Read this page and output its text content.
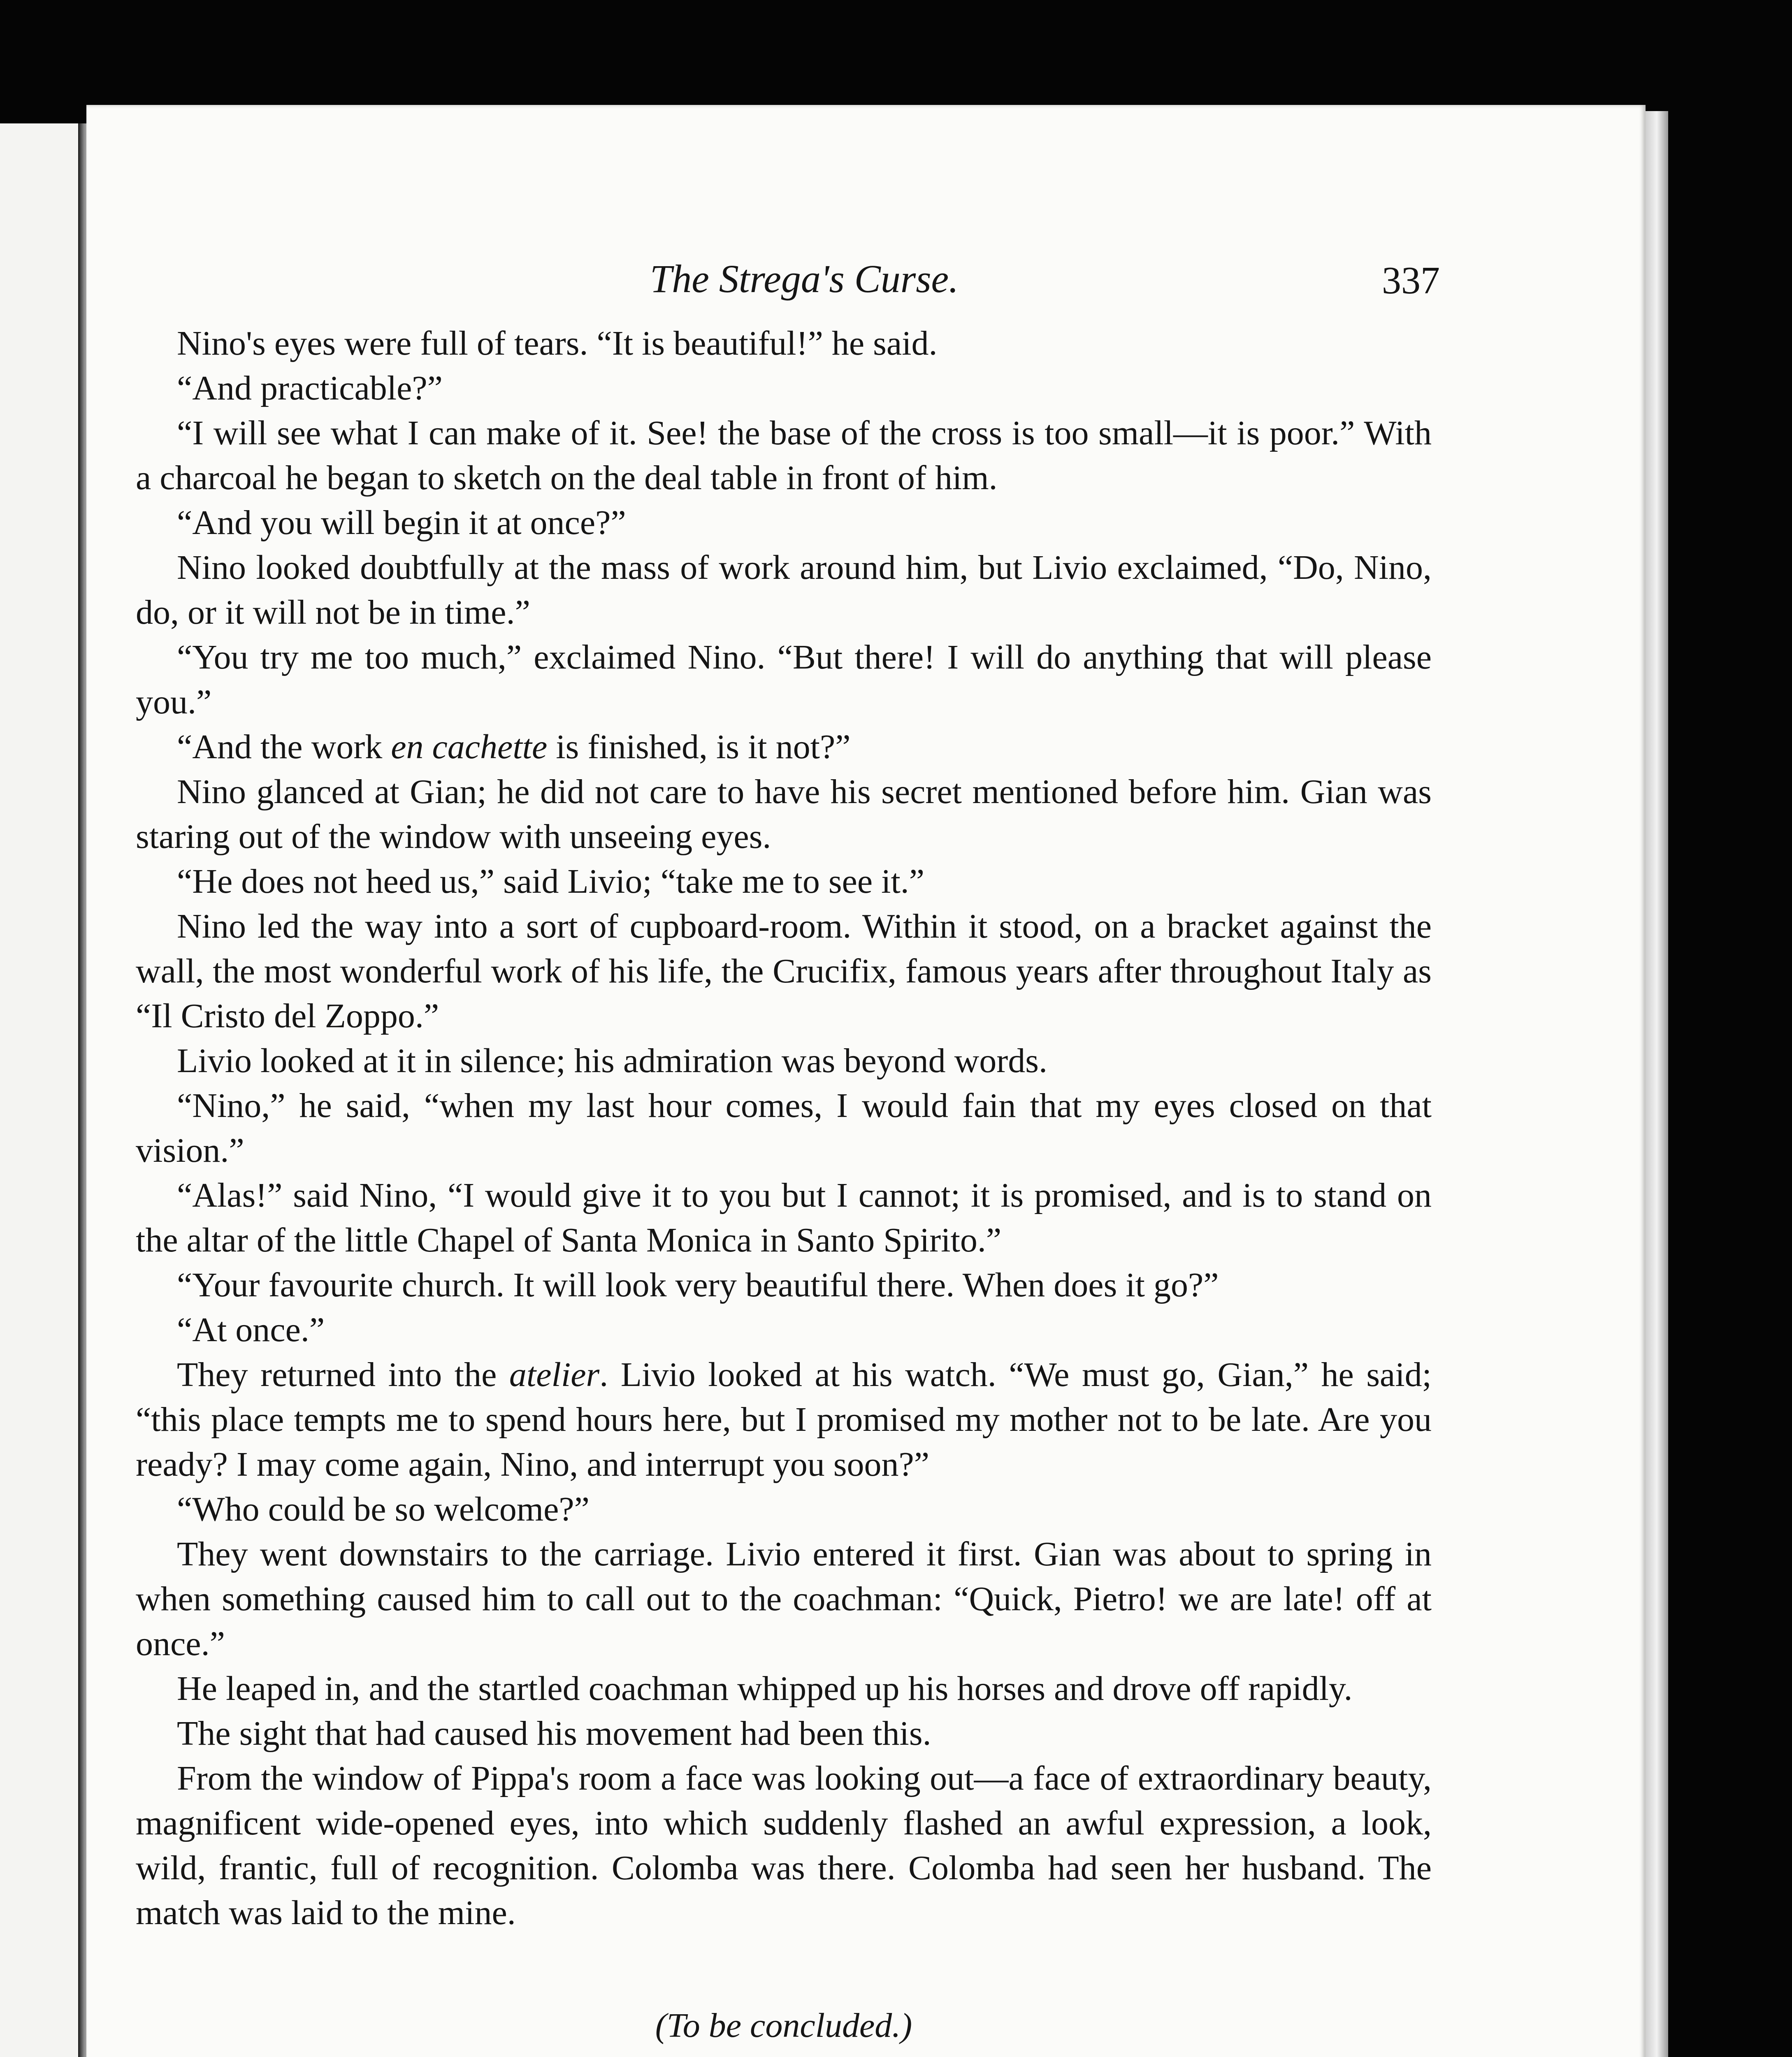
The Strega's Curse.	337

Nino's eyes were full of tears. “It is beautiful!” he said.

“And practicable?”

“I will see what I can make of it. See! the base of the cross is too small—it is poor.” With a charcoal he began to sketch on the deal table in front of him.

“And you will begin it at once?”

Nino looked doubtfully at the mass of work around him, but Livio exclaimed, “Do, Nino, do, or it will not be in time.”

“You try me too much,” exclaimed Nino. “But there! I will do anything that will please you.”

“And the work en cachette is finished, is it not?”

Nino glanced at Gian; he did not care to have his secret mentioned before him. Gian was staring out of the window with unseeing eyes.

“He does not heed us,” said Livio; “take me to see it.”

Nino led the way into a sort of cupboard-room. Within it stood, on a bracket against the wall, the most wonderful work of his life, the Crucifix, famous years after throughout Italy as “Il Cristo del Zoppo.”

Livio looked at it in silence; his admiration was beyond words.

“Nino,” he said, “when my last hour comes, I would fain that my eyes closed on that vision.”

“Alas!” said Nino, “I would give it to you but I cannot; it is promised, and is to stand on the altar of the little Chapel of Santa Monica in Santo Spirito.”

“Your favourite church. It will look very beautiful there. When does it go?”

“At once.”

They returned into the atelier. Livio looked at his watch. “We must go, Gian,” he said; “this place tempts me to spend hours here, but I promised my mother not to be late. Are you ready? I may come again, Nino, and interrupt you soon?”

“Who could be so welcome?”

They went downstairs to the carriage. Livio entered it first. Gian was about to spring in when something caused him to call out to the coachman: “Quick, Pietro! we are late! off at once.”

He leaped in, and the startled coachman whipped up his horses and drove off rapidly.

The sight that had caused his movement had been this.

From the window of Pippa's room a face was looking out—a face of extraordinary beauty, magnificent wide-opened eyes, into which suddenly flashed an awful expression, a look, wild, frantic, full of recognition. Colomba was there. Colomba had seen her husband. The match was laid to the mine.

(To be concluded.)
